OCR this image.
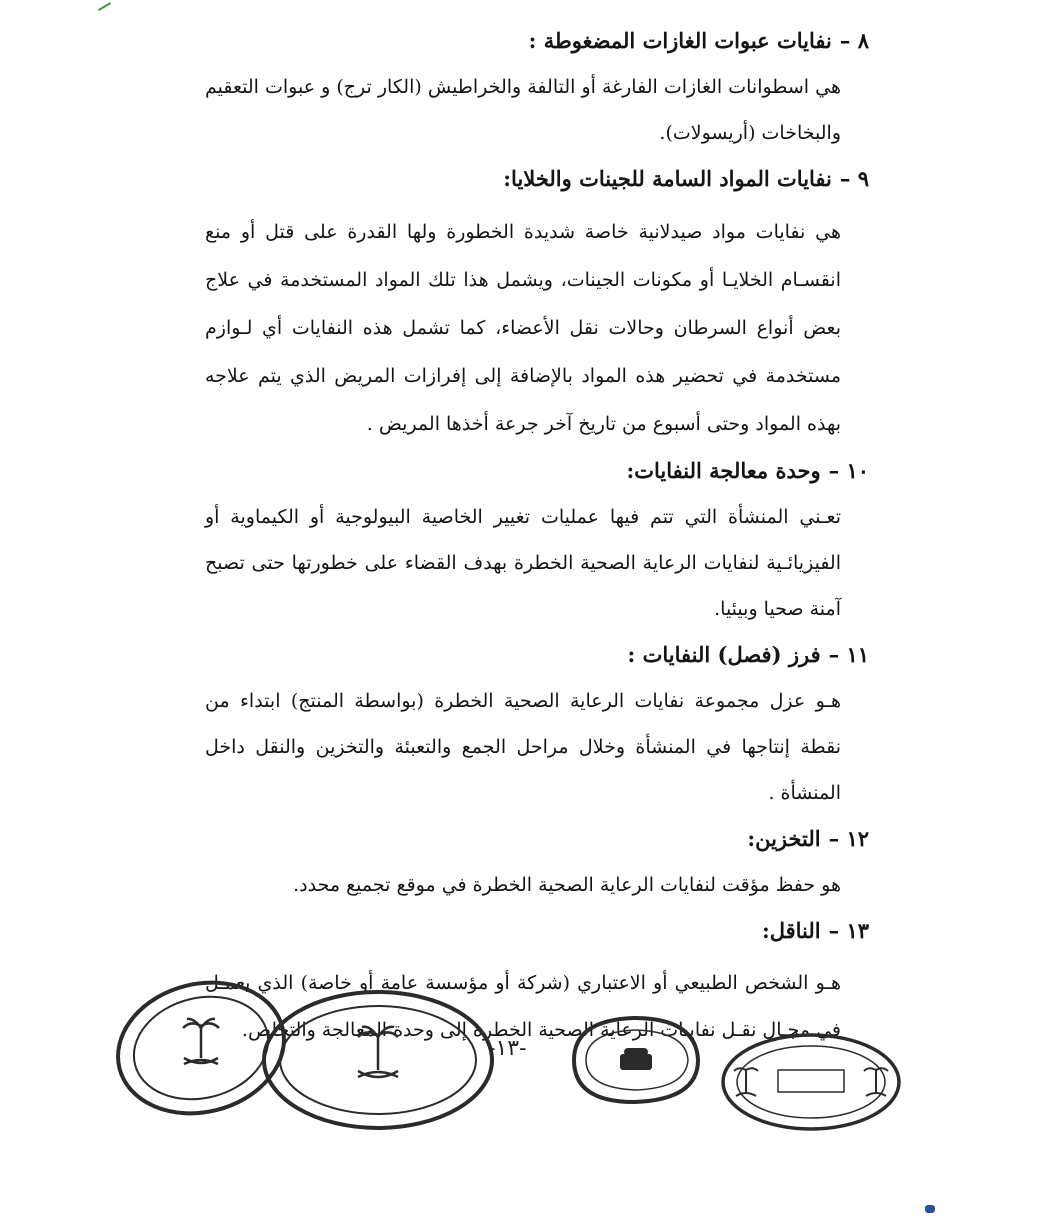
٨ –نفايات عبوات الغازات المضغوطة :

هي اسطوانات الغازات الفارغة أو التالفة والخراطيش (الكار ترج) و عبوات التعقيم والبخاخات (أريسولات).

٩ –نفايات المواد السامة للجينات والخلايا:

هي نفايات مواد صيدلانية خاصة شديدة الخطورة ولها القدرة على قتل أو منع انقسـام الخلايـا أو مكونات الجينات، ويشمل هذا تلك المواد المستخدمة في علاج بعض أنواع السرطان وحالات نقل الأعضاء، كما تشمل هذه النفايات أي لـوازم مستخدمة في تحضير هذه المواد بالإضافة إلى إفرازات المريض الذي يتم علاجه بهذه المواد وحتى أسبوع من تاريخ آخر جرعة أخذها المريض .

١٠ –وحدة معالجة النفايات:

تعـني المنشأة التي تتم فيها عمليات تغيير الخاصية البيولوجية أو الكيماوية أو الفيزيائـية لنفايات الرعاية الصحية الخطرة بهدف القضاء على خطورتها حتى تصبح آمنة صحيا وبيئيا.

١١ –فرز (فصل) النفايات :

هـو عزل مجموعة نفايات الرعاية الصحية الخطرة (بواسطة المنتج) ابتداء من نقطة إنتاجها في المنشأة وخلال مراحل الجمع والتعبئة والتخزين والنقل داخل المنشأة .

١٢ –التخزين:

هو حفظ مؤقت لنفايات الرعاية الصحية الخطرة في موقع تجميع محدد.

١٣ –الناقل:

هـو الشخص الطبيعي أو الاعتباري (شركة أو مؤسسة عامة أو خاصة) الذي يعمـل في مجـال نقـل نفايـات الرعاية الصحية الخطرة إلى وحدة المعالجة والتخلص.

-١٣-
